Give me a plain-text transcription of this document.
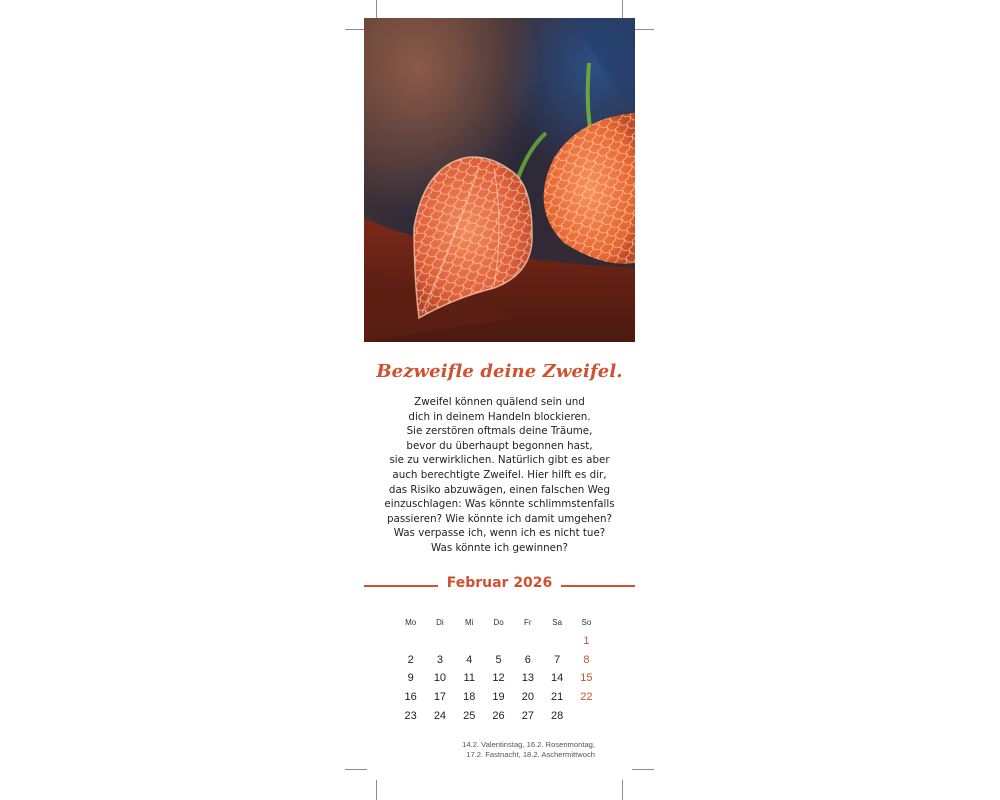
Bezweifle deine Zweifel.
Zweifel können quälend sein und
dich in deinem Handeln blockieren.
Sie zerstören oftmals deine Träume,
bevor du überhaupt begonnen hast,
sie zu verwirklichen. Natürlich gibt es aber
auch berechtigte Zweifel. Hier hilft es dir,
das Risiko abzuwägen, einen falschen Weg
einzuschlagen: Was könnte schlimmstenfalls
passieren? Wie könnte ich damit umgehen?
Was verpasse ich, wenn ich es nicht tue?
Was könnte ich gewinnen?
Februar 2026
Mo	Di	Mi	Do	Fr	Sa	So
						1
2	3	4	5	6	7	8
9	10	11	12	13	14	15
16	17	18	19	20	21	22
23	24	25	26	27	28	
14.2. Valentinstag, 16.2. Rosenmontag,
17.2. Fastnacht, 18.2. Aschermittwoch
